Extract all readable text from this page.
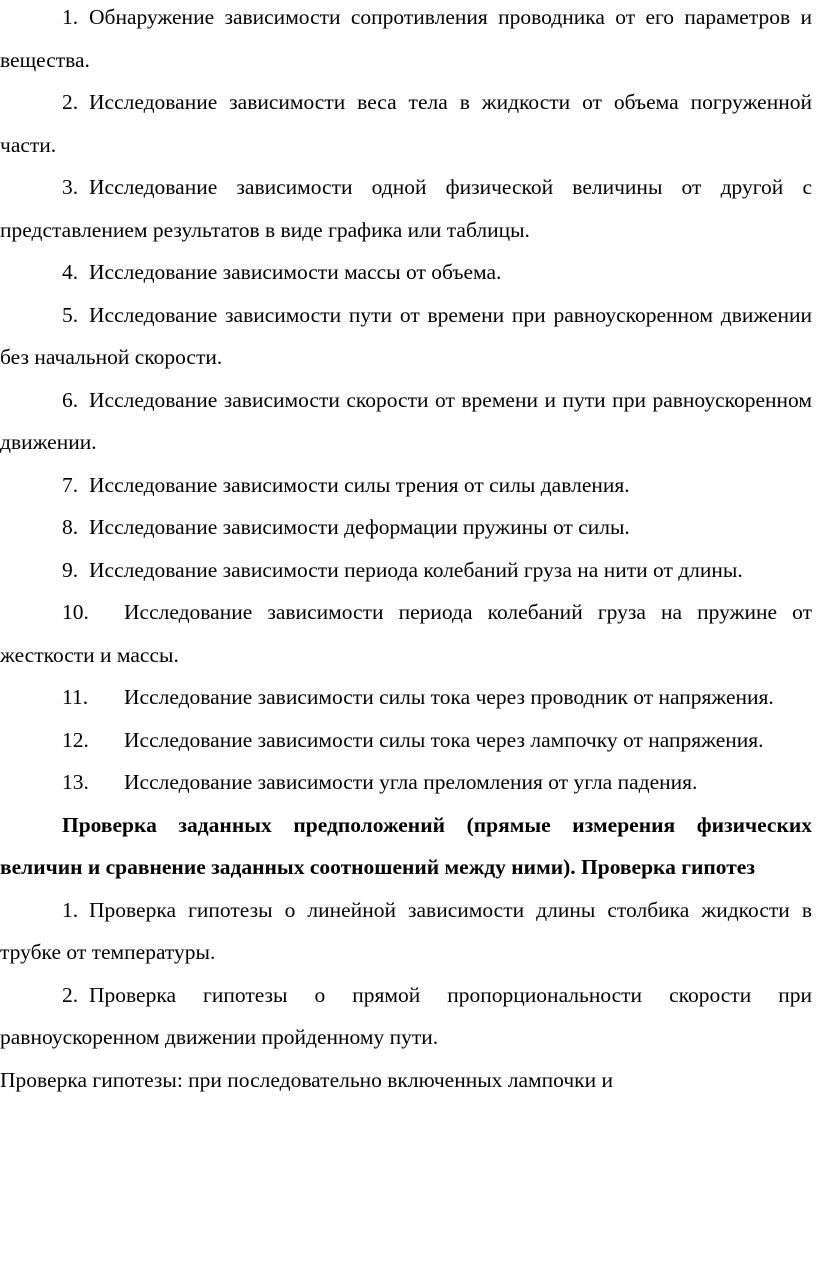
1. Обнаружение зависимости сопротивления проводника от его параметров и вещества.

2. Исследование зависимости веса тела в жидкости от объема погруженной части.

3. Исследование зависимости одной физической величины от другой с представлением результатов в виде графика или таблицы.

4. Исследование зависимости массы от объема.

5. Исследование зависимости пути от времени при равноускоренном движении без начальной скорости.

6. Исследование зависимости скорости от времени и пути при равноускоренном движении.

7. Исследование зависимости силы трения от силы давления.

8. Исследование зависимости деформации пружины от силы.

9. Исследование зависимости периода колебаний груза на нити от длины.

10. Исследование зависимости периода колебаний груза на пружине от жесткости и массы.

11. Исследование зависимости силы тока через проводник от напряжения.

12. Исследование зависимости силы тока через лампочку от напряжения.

13. Исследование зависимости угла преломления от угла падения.

Проверка заданных предположений (прямые измерения физических величин и сравнение заданных соотношений между ними). Проверка гипотез

1. Проверка гипотезы о линейной зависимости длины столбика жидкости в трубке от температуры.

2. Проверка гипотезы о прямой пропорциональности скорости при равноускоренном движении пройденному пути.

Проверка гипотезы: при последовательно включенных лампочки и
